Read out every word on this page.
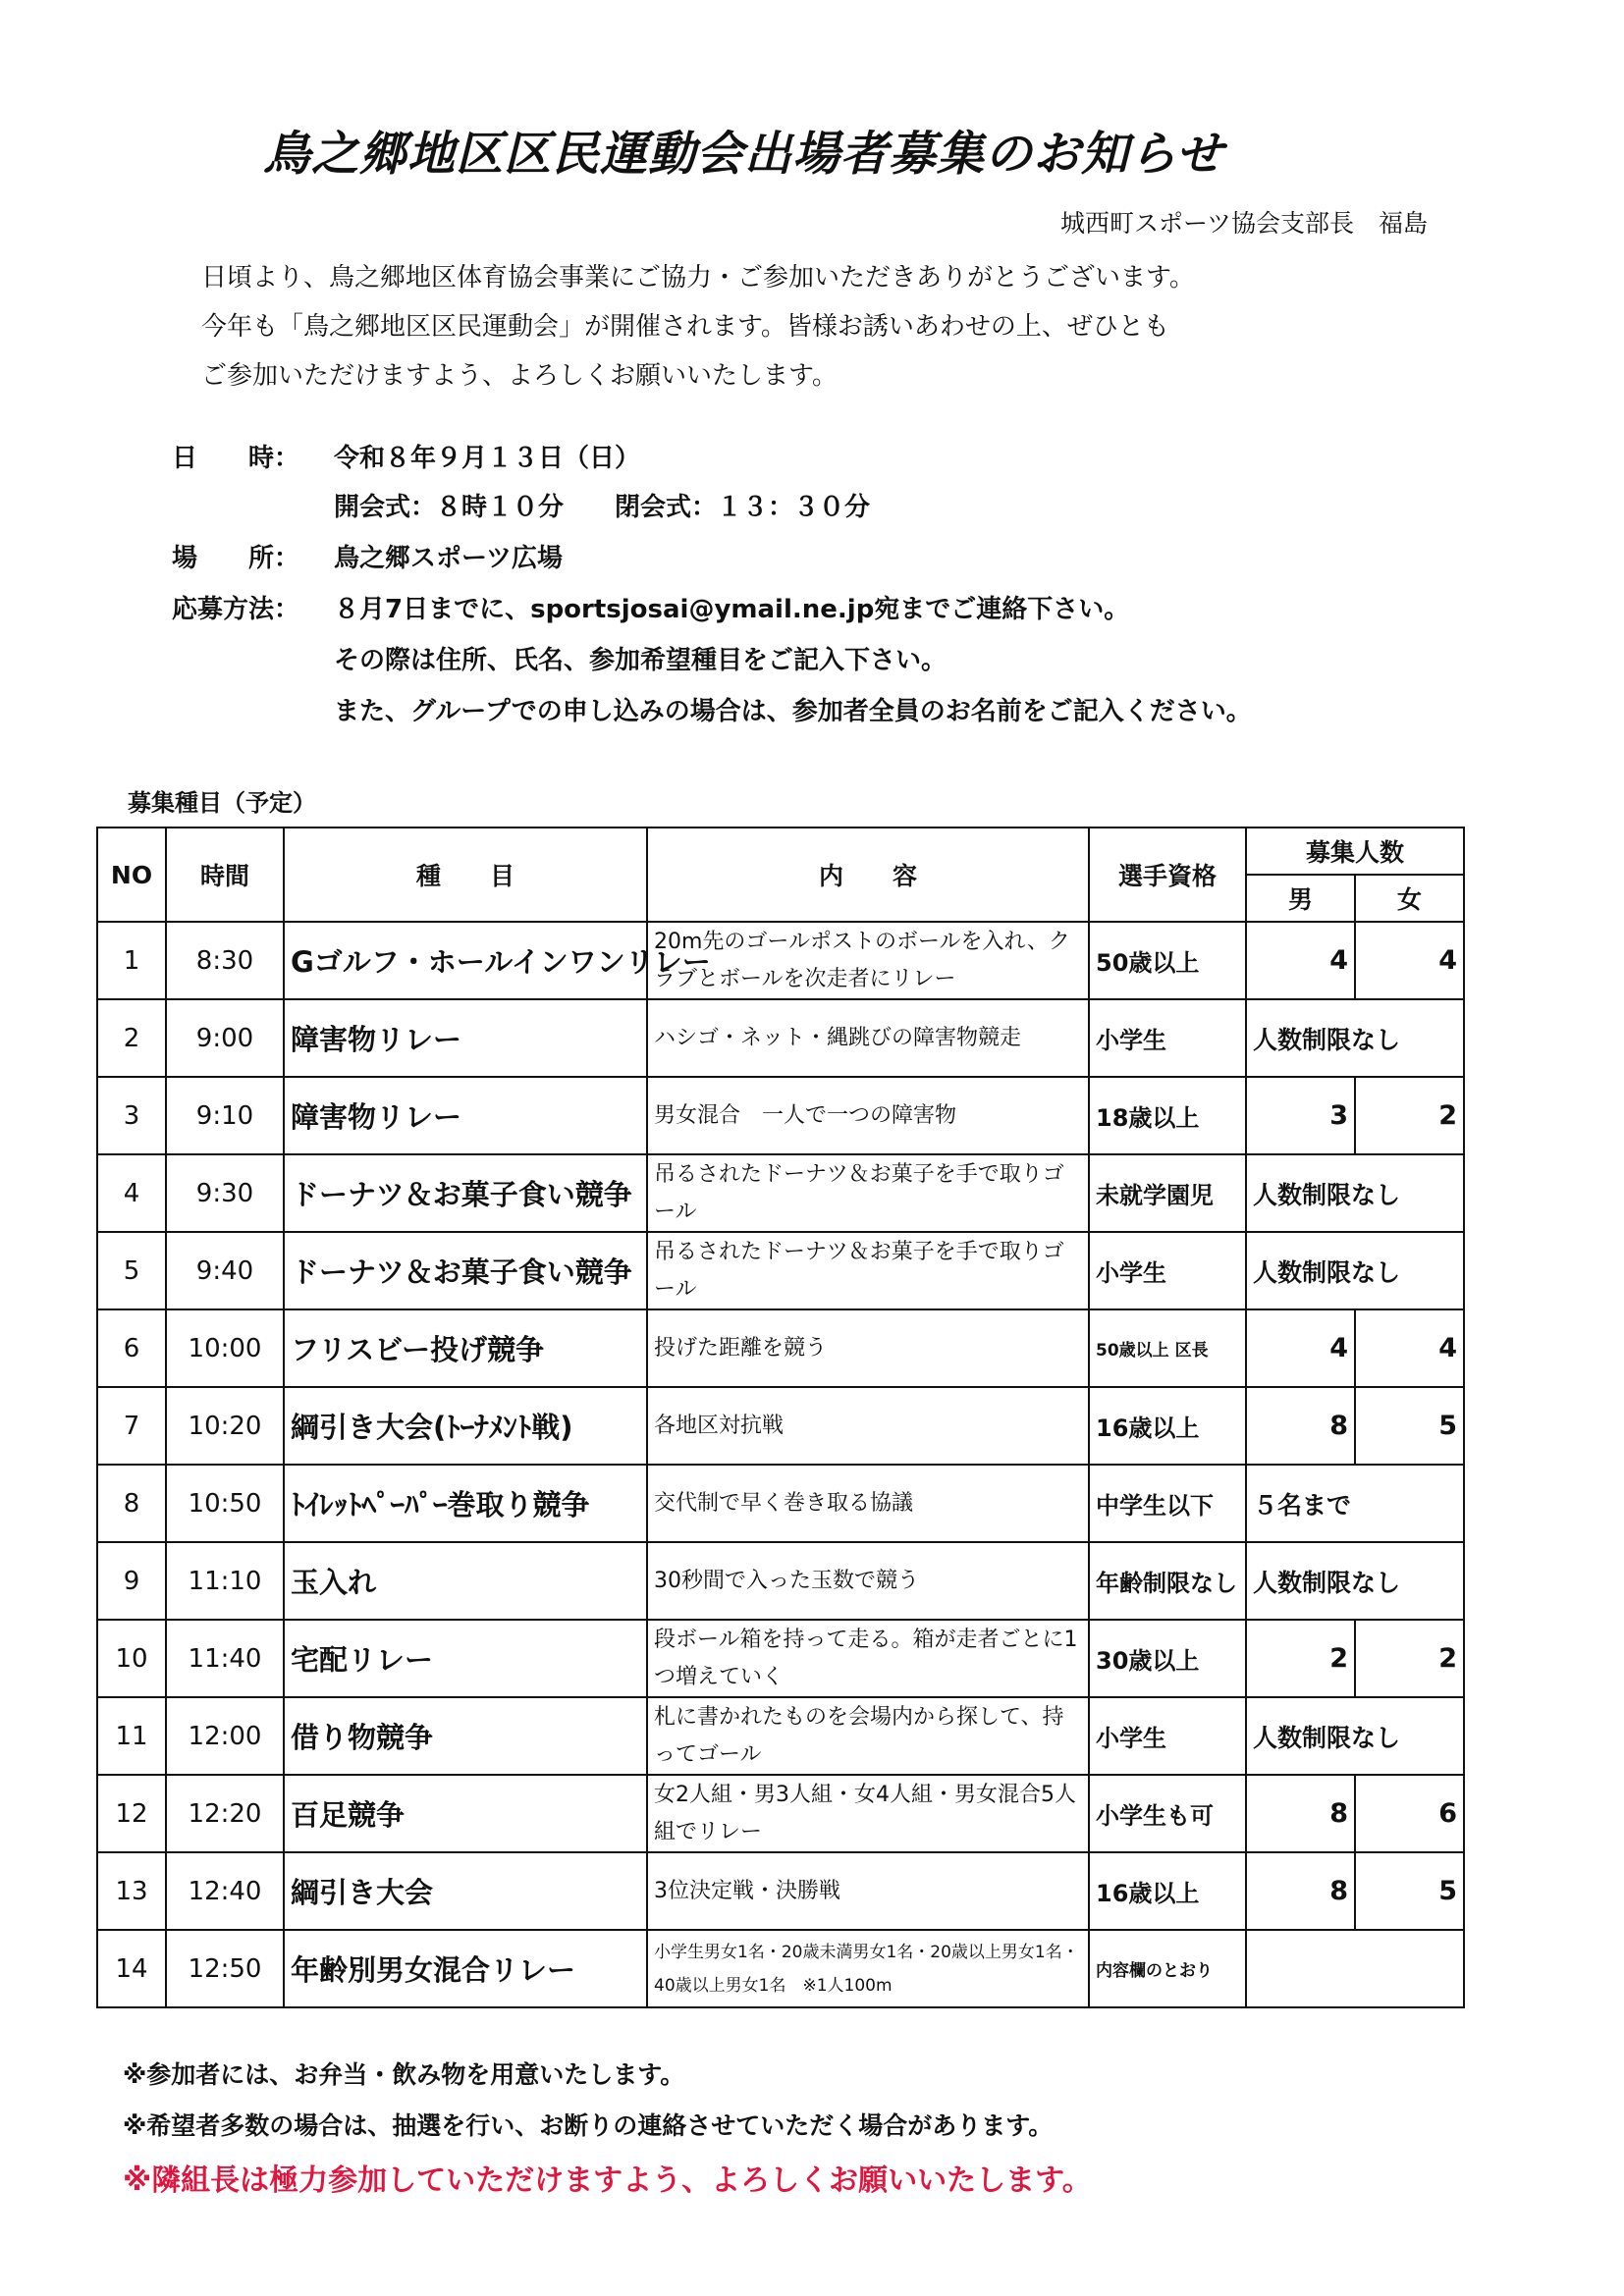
鳥之郷地区区民運動会出場者募集のお知らせ
城西町スポーツ協会支部長　福島
日頃より、鳥之郷地区体育協会事業にご協力・ご参加いただきありがとうございます。
今年も「鳥之郷地区区民運動会」が開催されます。皆様お誘いあわせの上、ぜひとも
ご参加いただけますよう、よろしくお願いいたします。
日　　時： 令和８年９月１３日（日）
開会式：８時１０分　　閉会式：１３：３０分
場　　所： 鳥之郷スポーツ広場
応募方法： ８月7日までに、sportsjosai@ymail.ne.jp宛までご連絡下さい。
その際は住所、氏名、参加希望種目をご記入下さい。
また、グループでの申し込みの場合は、参加者全員のお名前をご記入ください。
募集種目（予定）
NO	時間	種　　目	内　　容	選手資格	募集人数	
					男	女
1	8:30	Gゴルフ・ホールインワンリレー	20m先のゴールポストのボールを入れ、クラブとボールを次走者にリレー	50歳以上	4	4
2	9:00	障害物リレー	ハシゴ・ネット・縄跳びの障害物競走	小学生	人数制限なし	
3	9:10	障害物リレー	男女混合　一人で一つの障害物	18歳以上	3	2
4	9:30	ドーナツ＆お菓子食い競争	吊るされたドーナツ＆お菓子を手で取りゴール	未就学園児	人数制限なし	
5	9:40	ドーナツ＆お菓子食い競争	吊るされたドーナツ＆お菓子を手で取りゴール	小学生	人数制限なし	
6	10:00	フリスビー投げ競争	投げた距離を競う	50歳以上 区長	4	4
7	10:20	綱引き大会(ﾄｰﾅﾒﾝﾄ戦)	各地区対抗戦	16歳以上	8	5
8	10:50	ﾄｲﾚｯﾄﾍﾟｰﾊﾟｰ巻取り競争	交代制で早く巻き取る協議	中学生以下	５名まで	
9	11:10	玉入れ	30秒間で入った玉数で競う	年齢制限なし	人数制限なし	
10	11:40	宅配リレー	段ボール箱を持って走る。箱が走者ごとに1つ増えていく	30歳以上	2	2
11	12:00	借り物競争	札に書かれたものを会場内から探して、持ってゴール	小学生	人数制限なし	
12	12:20	百足競争	女2人組・男3人組・女4人組・男女混合5人組でリレー	小学生も可	8	6
13	12:40	綱引き大会	3位決定戦・決勝戦	16歳以上	8	5
14	12:50	年齢別男女混合リレー	小学生男女1名・20歳未満男女1名・20歳以上男女1名・40歳以上男女1名　※1人100m	内容欄のとおり		
※参加者には、お弁当・飲み物を用意いたします。
※希望者多数の場合は、抽選を行い、お断りの連絡させていただく場合があります。
※隣組長は極力参加していただけますよう、よろしくお願いいたします。
